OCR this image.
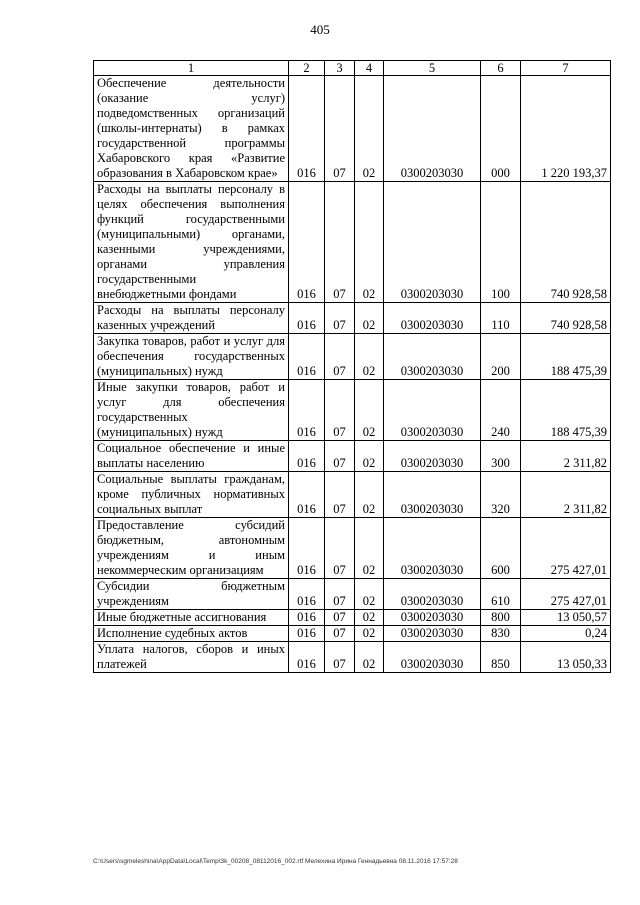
405
1	2	3	4	5	6	7
Обеспечение деятельности (оказание услуг) подведомственных организаций (школы-интернаты) в рамках государственной программы Хабаровского края «Развитие образования в Хабаровском крае»	016	07	02	0300203030	000	1 220 193,37
Расходы на выплаты персоналу в целях обеспечения выполнения функций государственными (муниципальными) органами, казенными учреждениями, органами управления государственными внебюджетными фондами	016	07	02	0300203030	100	740 928,58
Расходы на выплаты персоналу казенных учреждений	016	07	02	0300203030	110	740 928,58
Закупка товаров, работ и услуг для обеспечения государственных (муниципальных) нужд	016	07	02	0300203030	200	188 475,39
Иные закупки товаров, работ и услуг для обеспечения государственных (муниципальных) нужд	016	07	02	0300203030	240	188 475,39
Социальное обеспечение и иные выплаты населению	016	07	02	0300203030	300	2 311,82
Социальные выплаты гражданам, кроме публичных нормативных социальных выплат	016	07	02	0300203030	320	2 311,82
Предоставление субсидий бюджетным, автономным учреждениям и иным некоммерческим организациям	016	07	02	0300203030	600	275 427,01
Субсидии бюджетным учреждениям	016	07	02	0300203030	610	275 427,01
Иные бюджетные ассигнования	016	07	02	0300203030	800	13 050,57
Исполнение судебных актов	016	07	02	0300203030	830	0,24
Уплата налогов, сборов и иных платежей	016	07	02	0300203030	850	13 050,33
C:\Users\sgmeleshina\AppData\Local\Temp\3k_00208_08112016_002.rtf Мелехина Ирина Геннадьевна 08.11.2016 17:57:28
